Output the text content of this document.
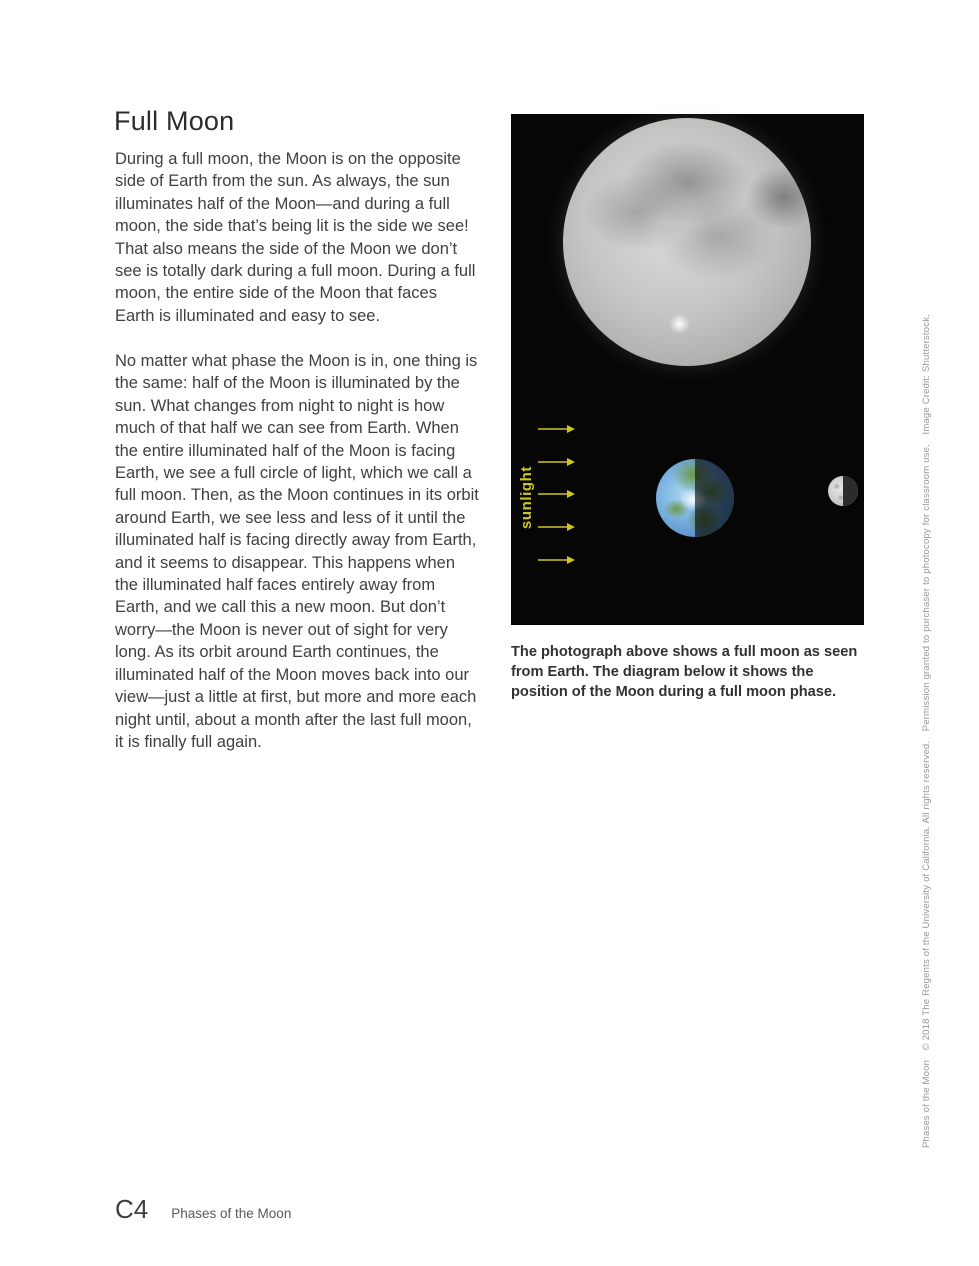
Full Moon

During a full moon, the Moon is on the opposite side of Earth from the sun. As always, the sun illuminates half of the Moon—and during a full moon, the side that’s being lit is the side we see! That also means the side of the Moon we don’t see is totally dark during a full moon. During a full moon, the entire side of the Moon that faces Earth is illuminated and easy to see.

No matter what phase the Moon is in, one thing is the same: half of the Moon is illuminated by the sun. What changes from night to night is how much of that half we can see from Earth. When the entire illuminated half of the Moon is facing Earth, we see a full circle of light, which we call a full moon. Then, as the Moon continues in its orbit around Earth, we see less and less of it until the illuminated half is facing directly away from Earth, and it seems to disappear. This happens when the illuminated half faces entirely away from Earth, and we call this a new moon. But don’t worry—the Moon is never out of sight for very long. As its orbit around Earth continues, the illuminated half of the Moon moves back into our view—just a little at first, but more and more each night until, about a month after the last full moon, it is finally full again.

sunlight

The photograph above shows a full moon as seen from Earth. The diagram below it shows the position of the Moon during a full moon phase.

Phases of the Moon
© 2018 The Regents of the University of California. All rights reserved.
Permission granted to purchaser to photocopy for classroom use.
Image Credit: Shutterstock.
C4 Phases of the Moon
